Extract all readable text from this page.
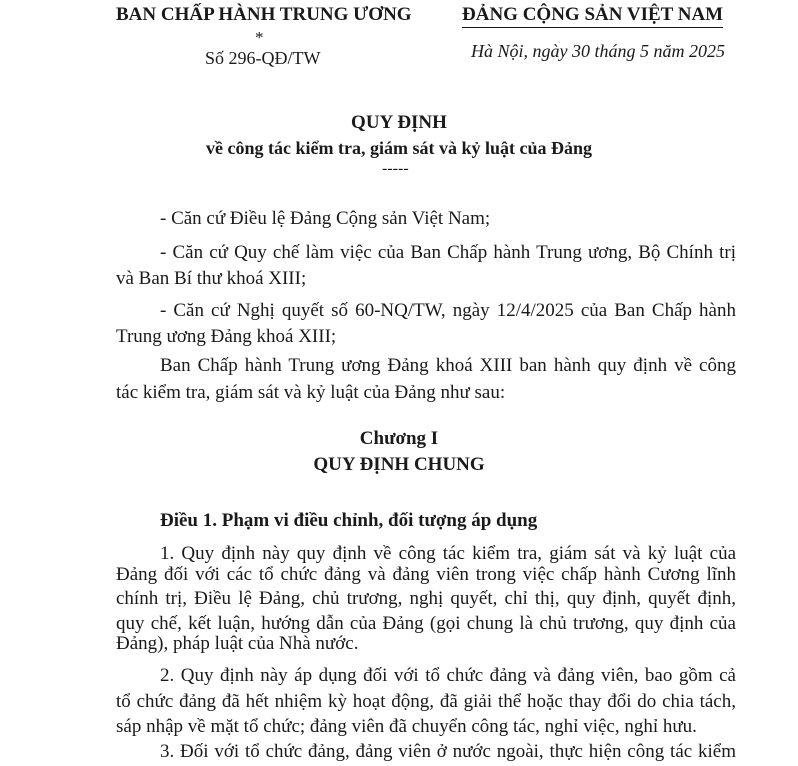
BAN CHẤP HÀNH TRUNG ƯƠNG
*
Số 296-QĐ/TW
ĐẢNG CỘNG SẢN VIỆT NAM
Hà Nội, ngày 30 tháng 5 năm 2025
QUY ĐỊNH
về công tác kiểm tra, giám sát và kỷ luật của Đảng
-----
- Căn cứ Điều lệ Đảng Cộng sản Việt Nam;
- Căn cứ Quy chế làm việc của Ban Chấp hành Trung ương, Bộ Chính trị
và Ban Bí thư khoá XIII;
- Căn cứ Nghị quyết số 60-NQ/TW, ngày 12/4/2025 của Ban Chấp hành
Trung ương Đảng khoá XIII;
Ban Chấp hành Trung ương Đảng khoá XIII ban hành quy định về công
tác kiểm tra, giám sát và kỷ luật của Đảng như sau:
Chương I
QUY ĐỊNH CHUNG
Điều 1. Phạm vi điều chỉnh, đối tượng áp dụng
1. Quy định này quy định về công tác kiểm tra, giám sát và kỷ luật của
Đảng đối với các tổ chức đảng và đảng viên trong việc chấp hành Cương lĩnh
chính trị, Điều lệ Đảng, chủ trương, nghị quyết, chỉ thị, quy định, quyết định,
quy chế, kết luận, hướng dẫn của Đảng (gọi chung là chủ trương, quy định của
Đảng), pháp luật của Nhà nước.
2. Quy định này áp dụng đối với tổ chức đảng và đảng viên, bao gồm cả
tổ chức đảng đã hết nhiệm kỳ hoạt động, đã giải thể hoặc thay đổi do chia tách,
sáp nhập về mặt tổ chức; đảng viên đã chuyển công tác, nghỉ việc, nghỉ hưu.
3. Đối với tổ chức đảng, đảng viên ở nước ngoài, thực hiện công tác kiểm
